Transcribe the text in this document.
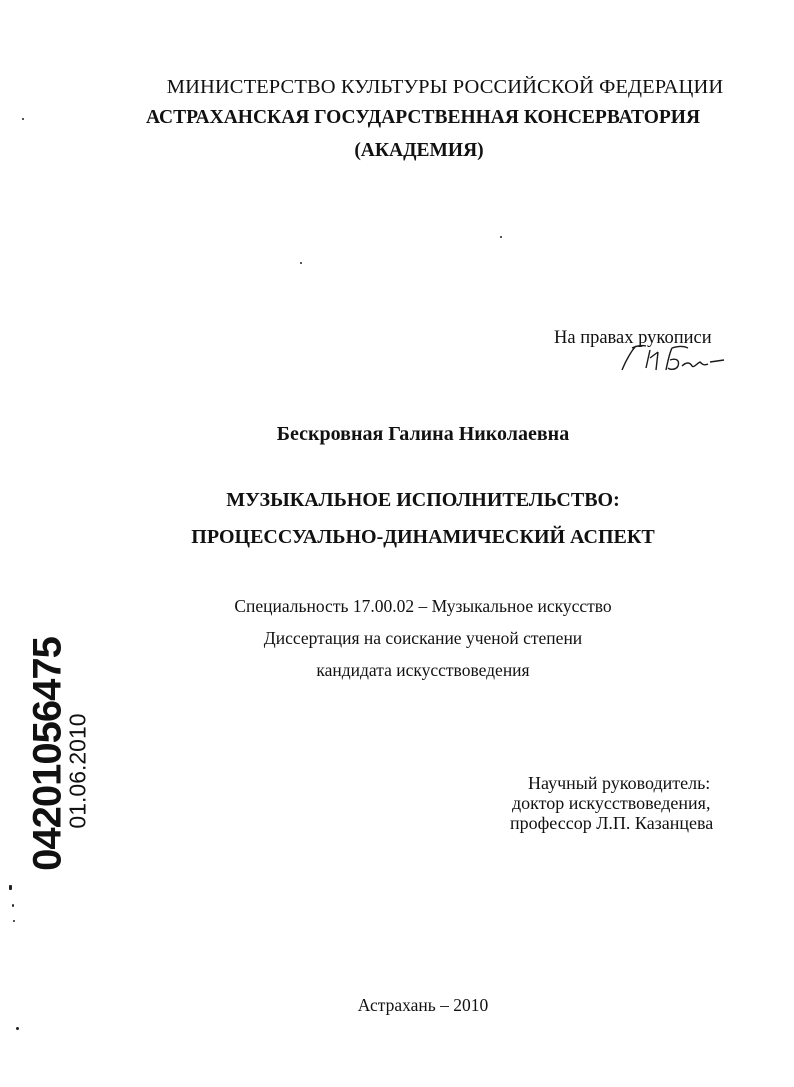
МИНИСТЕРСТВО КУЛЬТУРЫ РОССИЙСКОЙ ФЕДЕРАЦИИ
АСТРАХАНСКАЯ ГОСУДАРСТВЕННАЯ КОНСЕРВАТОРИЯ
(АКАДЕМИЯ)
На правах рукописи
Бескровная Галина Николаевна
МУЗЫКАЛЬНОЕ ИСПОЛНИТЕЛЬСТВО:
ПРОЦЕССУАЛЬНО-ДИНАМИЧЕСКИЙ АСПЕКТ
Специальность 17.00.02 – Музыкальное искусство
Диссертация на соискание ученой степени
кандидата искусствоведения
Научный руководитель:
доктор искусствоведения,
профессор Л.П. Казанцева
Астрахань – 2010
04201056475
01.06.2010
